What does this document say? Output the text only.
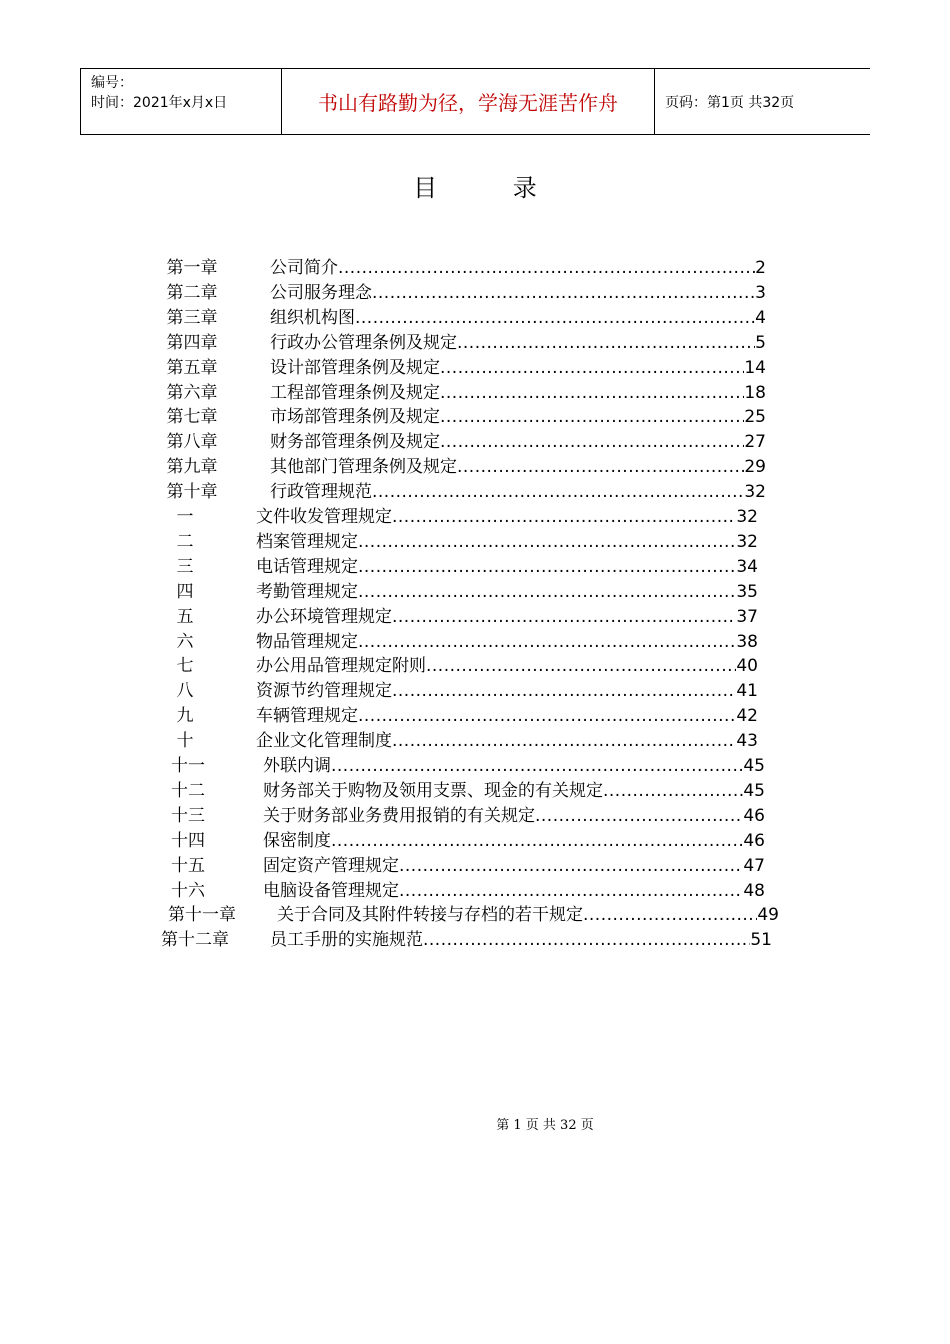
编号：
时间：2021年x月x日	书山有路勤为径，学海无涯苦作舟	页码：第1页 共32页
目 录
第一章	公司简介 .....	2
第二章	公司服务理念 .....	3
第三章	组织机构图 .....	4
第四章	行政办公管理条例及规定 .....	5
第五章	设计部管理条例及规定 .....	14
第六章	工程部管理条例及规定 .....	18
第七章	市场部管理条例及规定 .....	25
第八章	财务部管理条例及规定 .....	27
第九章	其他部门管理条例及规定 .....	29
第十章	行政管理规范 .....	32
一	文件收发管理规定 .....	32
二	档案管理规定 .....	32
三	电话管理规定 .....	34
四	考勤管理规定 .....	35
五	办公环境管理规定 .....	37
六	物品管理规定 .....	38
七	办公用品管理规定附则 .....	40
八	资源节约管理规定 .....	41
九	车辆管理规定 .....	42
十	企业文化管理制度 .....	43
十一	外联内调 .....	45
十二	财务部关于购物及领用支票、现金的有关规定 .....	45
十三	关于财务部业务费用报销的有关规定 .....	46
十四	保密制度 .....	46
十五	固定资产管理规定 .....	47
十六	电脑设备管理规定 .....	48
第十一章 关于合同及其附件转接与存档的若干规定 .....	49
第十二章 员工手册的实施规范 .....	51
第 1 页 共 32 页
